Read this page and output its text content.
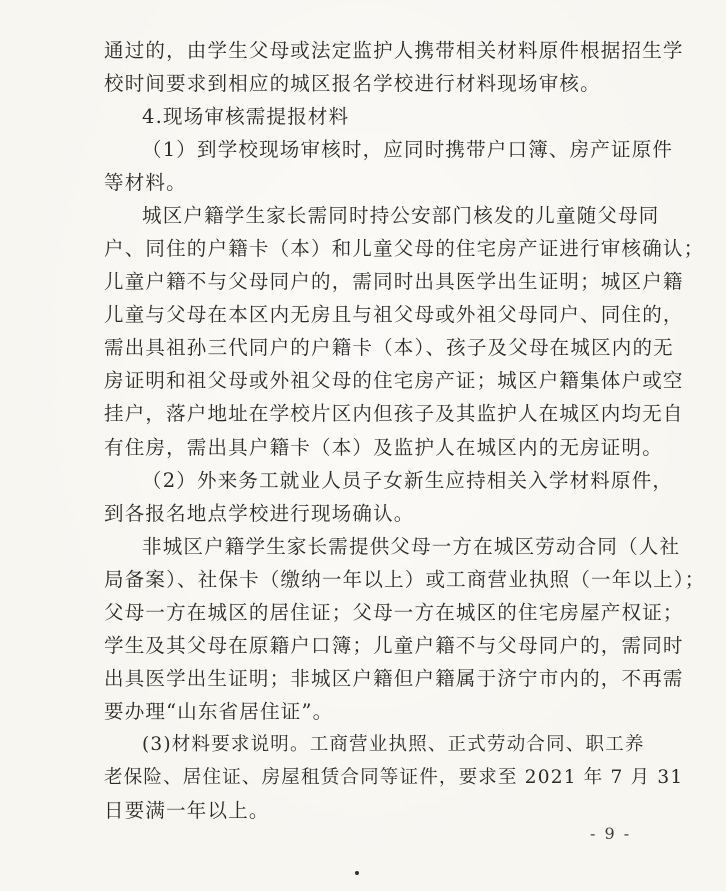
通过的，由学生父母或法定监护人携带相关材料原件根据招生学
校时间要求到相应的城区报名学校进行材料现场审核。
4.现场审核需提报材料
（1）到学校现场审核时，应同时携带户口簿、房产证原件
等材料。
城区户籍学生家长需同时持公安部门核发的儿童随父母同
户、同住的户籍卡（本）和儿童父母的住宅房产证进行审核确认；
儿童户籍不与父母同户的，需同时出具医学出生证明；城区户籍
儿童与父母在本区内无房且与祖父母或外祖父母同户、同住的，
需出具祖孙三代同户的户籍卡（本）、孩子及父母在城区内的无
房证明和祖父母或外祖父母的住宅房产证；城区户籍集体户或空
挂户，落户地址在学校片区内但孩子及其监护人在城区内均无自
有住房，需出具户籍卡（本）及监护人在城区内的无房证明。
（2）外来务工就业人员子女新生应持相关入学材料原件，
到各报名地点学校进行现场确认。
非城区户籍学生家长需提供父母一方在城区劳动合同（人社
局备案）、社保卡（缴纳一年以上）或工商营业执照（一年以上）；
父母一方在城区的居住证；父母一方在城区的住宅房屋产权证；
学生及其父母在原籍户口簿；儿童户籍不与父母同户的，需同时
出具医学出生证明；非城区户籍但户籍属于济宁市内的，不再需
要办理“山东省居住证”。
(3)材料要求说明。工商营业执照、正式劳动合同、职工养
老保险、居住证、房屋租赁合同等证件，要求至 2021 年 7 月 31
日要满一年以上。
- 9 -
